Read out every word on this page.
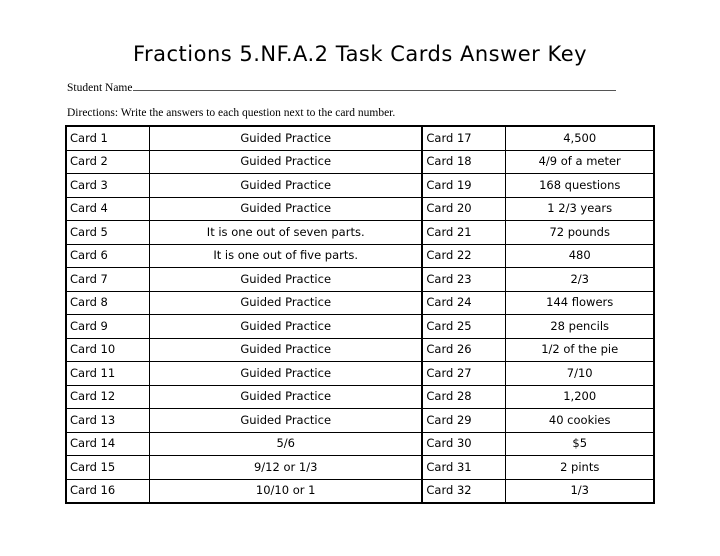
Fractions 5.NF.A.2 Task Cards Answer Key
Student Name
Directions: Write the answers to each question next to the card number.
Card 1	Guided Practice	Card 17	4,500
Card 2	Guided Practice	Card 18	4/9 of a meter
Card 3	Guided Practice	Card 19	168 questions
Card 4	Guided Practice	Card 20	1 2/3 years
Card 5	It is one out of seven parts.	Card 21	72 pounds
Card 6	It is one out of five parts.	Card 22	480
Card 7	Guided Practice	Card 23	2/3
Card 8	Guided Practice	Card 24	144 flowers
Card 9	Guided Practice	Card 25	28 pencils
Card 10	Guided Practice	Card 26	1/2 of the pie
Card 11	Guided Practice	Card 27	7/10
Card 12	Guided Practice	Card 28	1,200
Card 13	Guided Practice	Card 29	40 cookies
Card 14	5/6	Card 30	$5
Card 15	9/12 or 1/3	Card 31	2 pints
Card 16	10/10 or 1	Card 32	1/3
